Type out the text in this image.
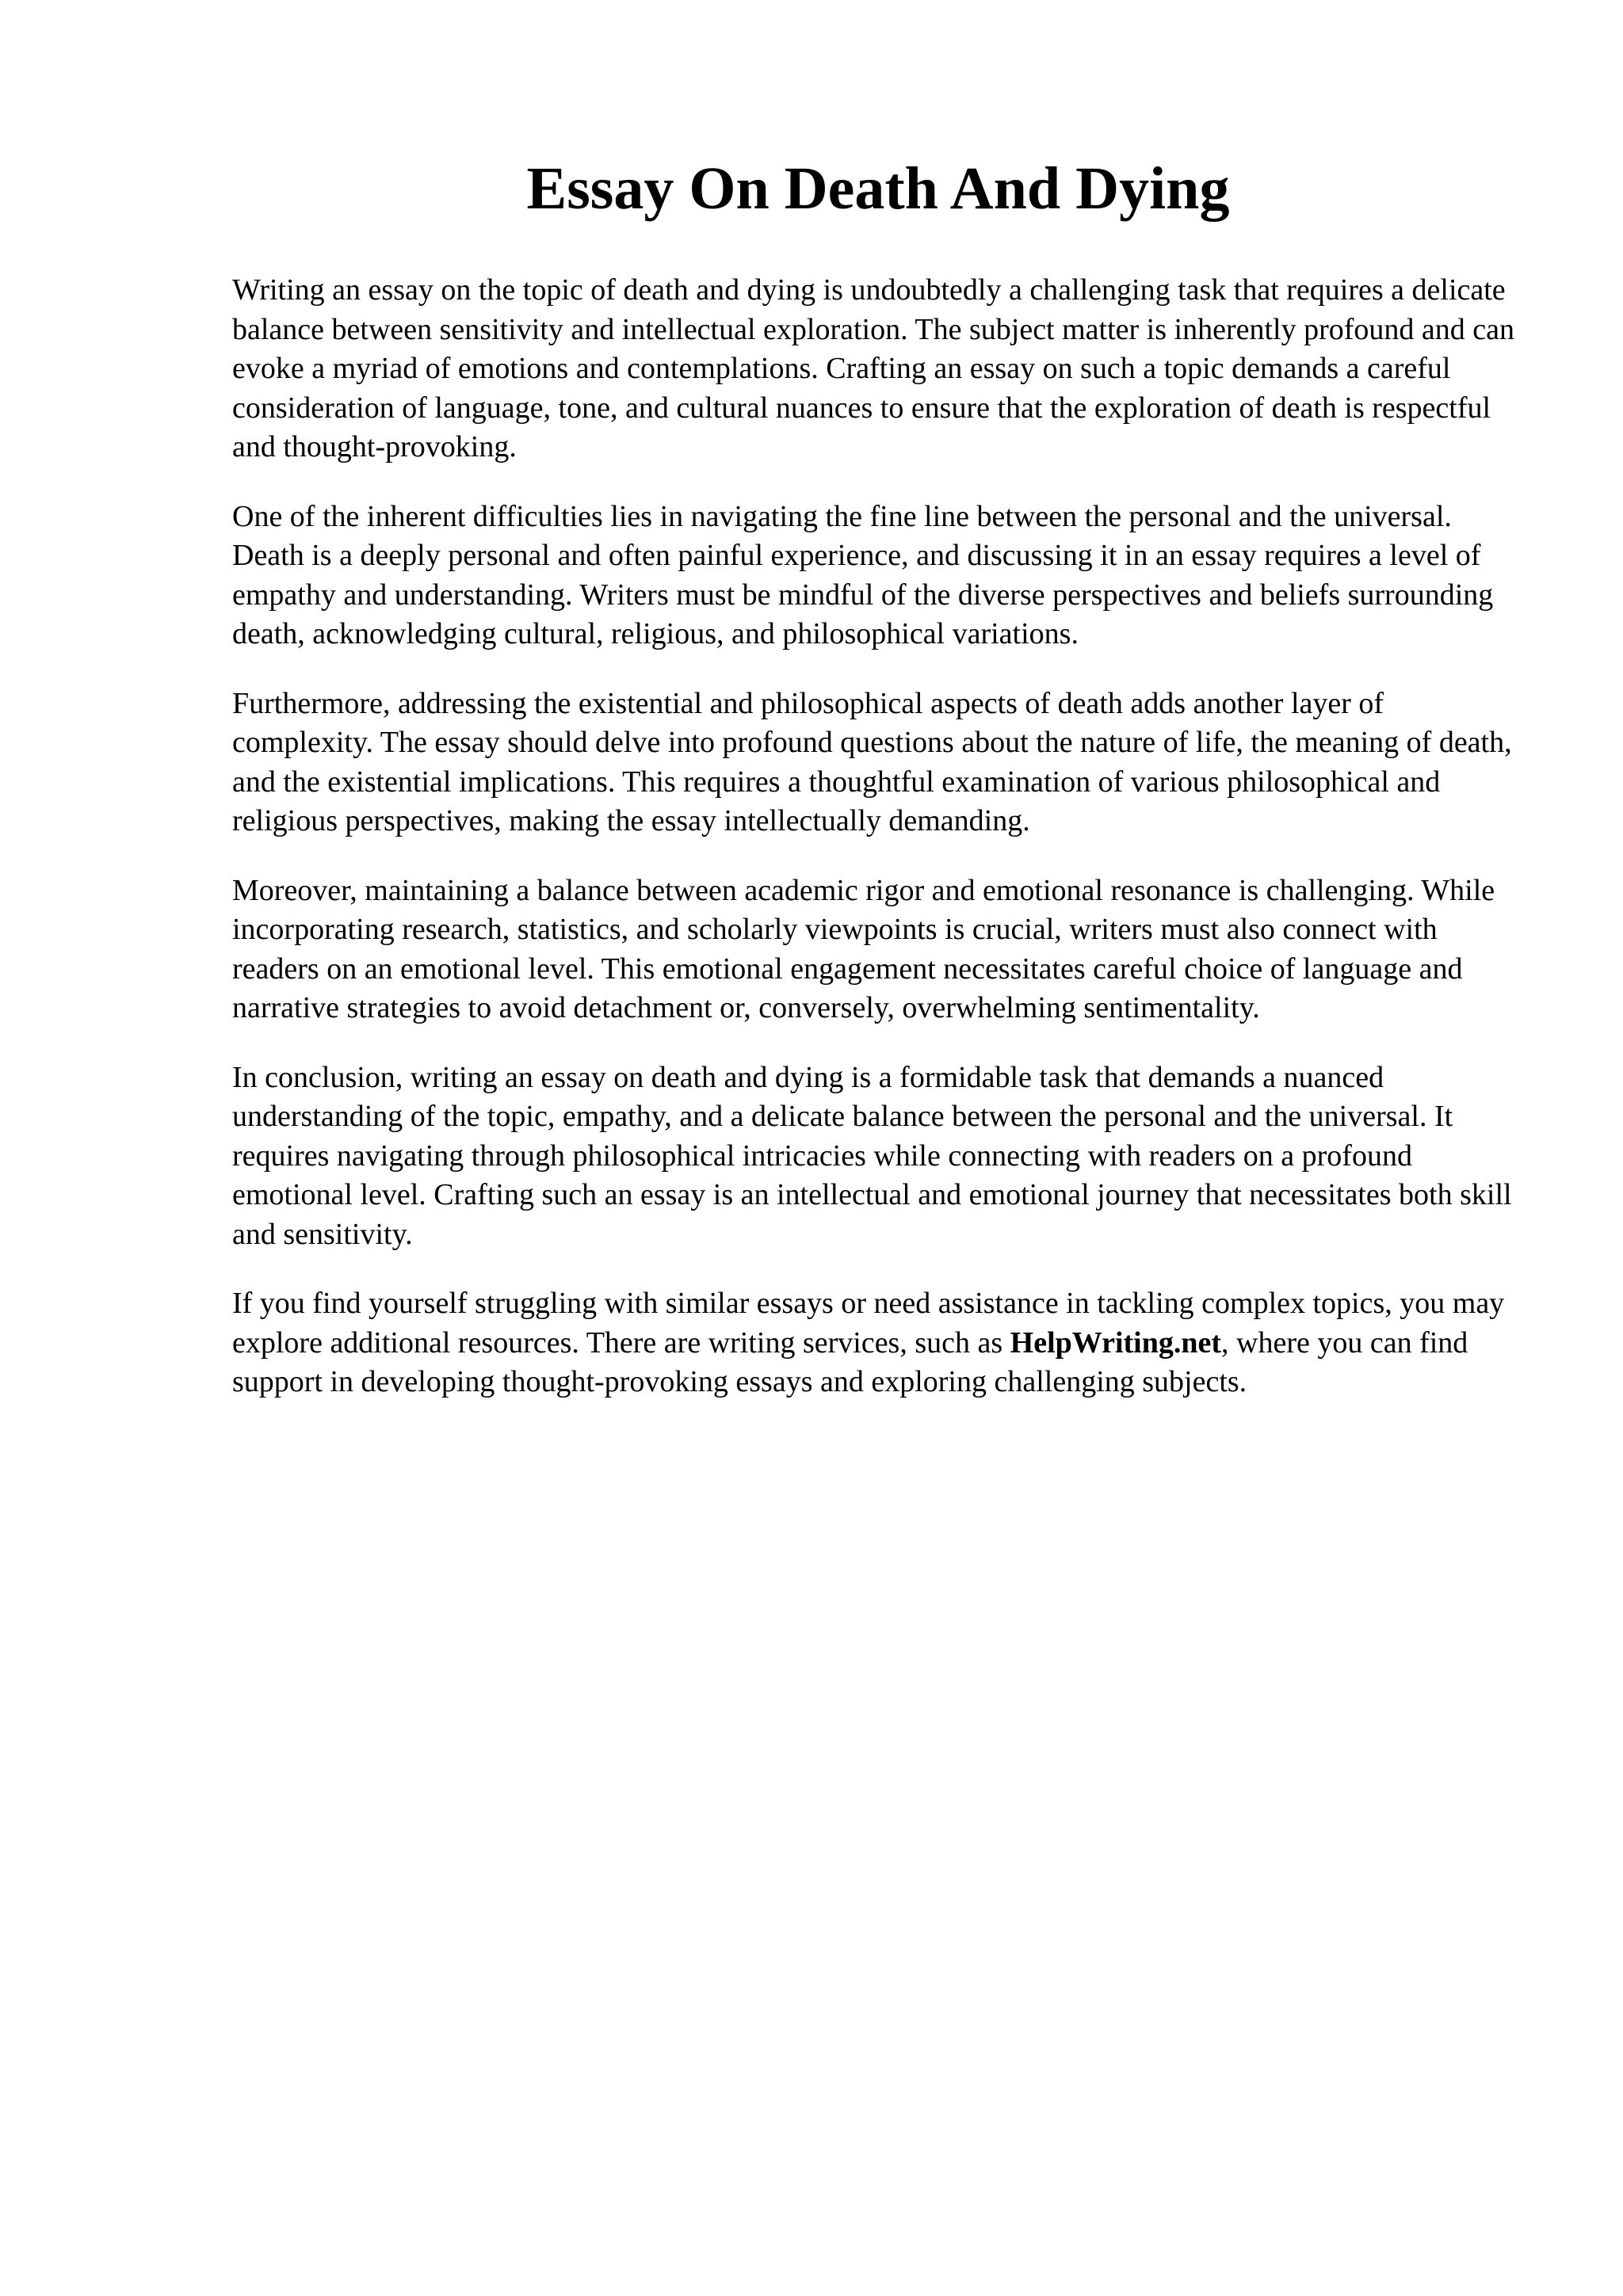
Essay On Death And Dying

Writing an essay on the topic of death and dying is undoubtedly a challenging task that requires a delicate balance between sensitivity and intellectual exploration. The subject matter is inherently profound and can evoke a myriad of emotions and contemplations. Crafting an essay on such a topic demands a careful consideration of language, tone, and cultural nuances to ensure that the exploration of death is respectful and thought-provoking.

One of the inherent difficulties lies in navigating the fine line between the personal and the universal. Death is a deeply personal and often painful experience, and discussing it in an essay requires a level of empathy and understanding. Writers must be mindful of the diverse perspectives and beliefs surrounding death, acknowledging cultural, religious, and philosophical variations.

Furthermore, addressing the existential and philosophical aspects of death adds another layer of complexity. The essay should delve into profound questions about the nature of life, the meaning of death, and the existential implications. This requires a thoughtful examination of various philosophical and religious perspectives, making the essay intellectually demanding.

Moreover, maintaining a balance between academic rigor and emotional resonance is challenging. While incorporating research, statistics, and scholarly viewpoints is crucial, writers must also connect with readers on an emotional level. This emotional engagement necessitates careful choice of language and narrative strategies to avoid detachment or, conversely, overwhelming sentimentality.

In conclusion, writing an essay on death and dying is a formidable task that demands a nuanced understanding of the topic, empathy, and a delicate balance between the personal and the universal. It requires navigating through philosophical intricacies while connecting with readers on a profound emotional level. Crafting such an essay is an intellectual and emotional journey that necessitates both skill and sensitivity.

If you find yourself struggling with similar essays or need assistance in tackling complex topics, you may explore additional resources. There are writing services, such as HelpWriting.net, where you can find support in developing thought-provoking essays and exploring challenging subjects.
